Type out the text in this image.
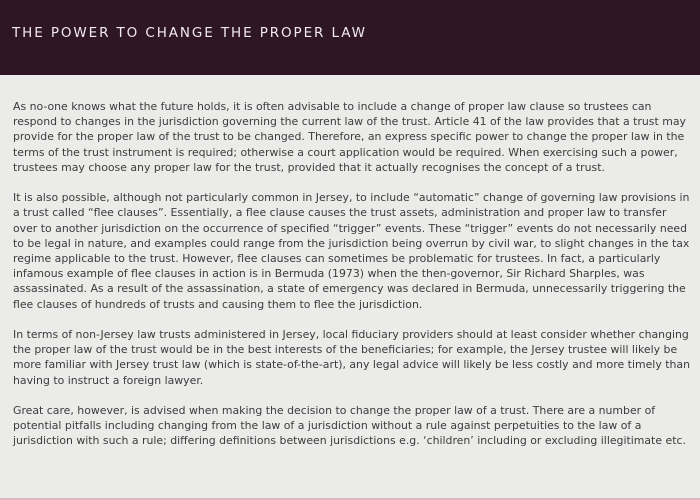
THE POWER TO CHANGE THE PROPER LAW

As no-one knows what the future holds, it is often advisable to include a change of proper law clause so trustees can respond to changes in the jurisdiction governing the current law of the trust. Article 41 of the law provides that a trust may provide for the proper law of the trust to be changed. Therefore, an express specific power to change the proper law in the terms of the trust instrument is required; otherwise a court application would be required. When exercising such a power, trustees may choose any proper law for the trust, provided that it actually recognises the concept of a trust.

It is also possible, although not particularly common in Jersey, to include “automatic” change of governing law provisions in a trust called “flee clauses”. Essentially, a flee clause causes the trust assets, administration and proper law to transfer over to another jurisdiction on the occurrence of specified “trigger” events. These “trigger” events do not necessarily need to be legal in nature, and examples could range from the jurisdiction being overrun by civil war, to slight changes in the tax regime applicable to the trust. However, flee clauses can sometimes be problematic for trustees. In fact, a particularly infamous example of flee clauses in action is in Bermuda (1973) when the then-governor, Sir Richard Sharples, was assassinated. As a result of the assassination, a state of emergency was declared in Bermuda, unnecessarily triggering the flee clauses of hundreds of trusts and causing them to flee the jurisdiction.

In terms of non-Jersey law trusts administered in Jersey, local fiduciary providers should at least consider whether changing the proper law of the trust would be in the best interests of the beneficiaries; for example, the Jersey trustee will likely be more familiar with Jersey trust law (which is state-of-the-art), any legal advice will likely be less costly and more timely than having to instruct a foreign lawyer.

Great care, however, is advised when making the decision to change the proper law of a trust. There are a number of potential pitfalls including changing from the law of a jurisdiction without a rule against perpetuities to the law of a jurisdiction with such a rule; differing definitions between jurisdictions e.g. ‘children’ including or excluding illegitimate etc.
